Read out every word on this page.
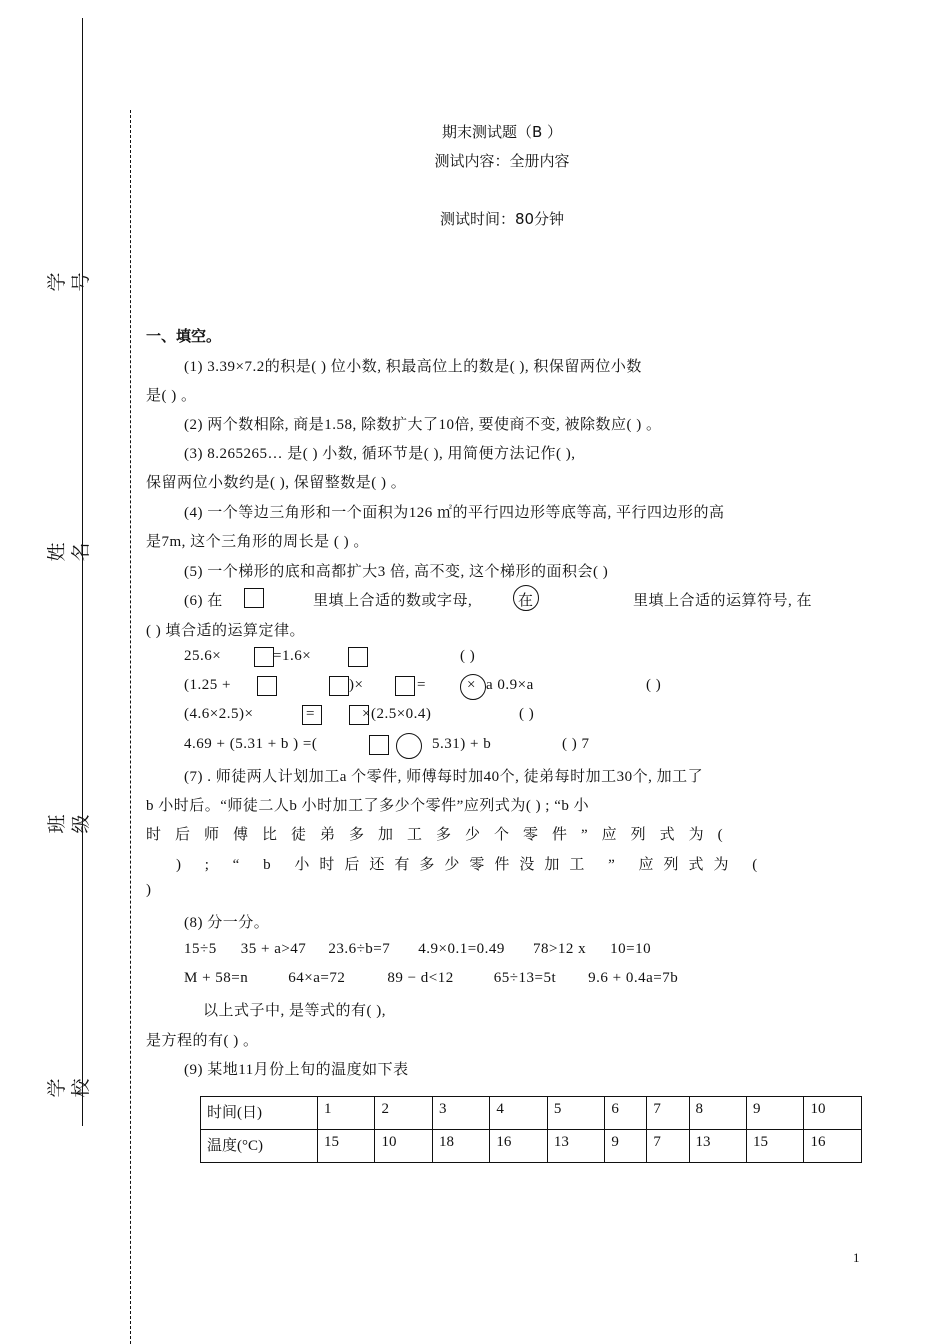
学号
姓名
班级
学校
期末测试题（B ）
测试内容：全册内容
测试时间：80分钟
一、填空。
(1) 3.39×7.2的积是( ) 位小数, 积最高位上的数是( ), 积保留两位小数
是( ) 。
(2) 两个数相除, 商是1.58, 除数扩大了10倍, 要使商不变, 被除数应( ) 。
(3) 8.265265… 是( ) 小数, 循环节是( ), 用简便方法记作( ),
保留两位小数约是( ), 保留整数是( ) 。
(4) 一个等边三角形和一个面积为126 ㎡的平行四边形等底等高, 平行四边形的高
是7m, 这个三角形的周长是 ( ) 。
(5) 一个梯形的底和高都扩大3 倍, 高不变, 这个梯形的面积会( )
(6) 在	里填上合适的数或字母,	在	里填上合适的运算符号, 在
( ) 填合适的运算定律。
25.6×	=1.6×	( )
(1.25 +	)×	=	× a 0.9×a	( )
(4.6×2.5)×	=	×(2.5×0.4)	( )
4.69 + (5.31 + b ) =(	5.31) + b	( ) 7
(7) . 师徒两人计划加工a 个零件, 师傅每时加40个, 徒弟每时加工30个, 加工了
b 小时后。“师徒二人b 小时加工了多少个零件”应列式为( ) ; “b 小
时后师傅比徒弟多加工多少个零件”应列式为(
) ; “ b 小时后还有多少零件没加工 ” 应列式为 (
)
(8) 分一分。
15÷5 35 + a>47 23.6÷b=7 4.9×0.1=0.49 78>12 x 10=10
M + 58=n	64×a=72	89 − d<12	65÷13=5t 9.6 + 0.4a=7b
以上式子中, 是等式的有( ),
是方程的有( ) 。
(9) 某地11月份上旬的温度如下表
时间(日)	1	2	3	4	5	6	7	8	9	10
温度(°C)	15	10	18	16	13	9	7	13	15	16
1
